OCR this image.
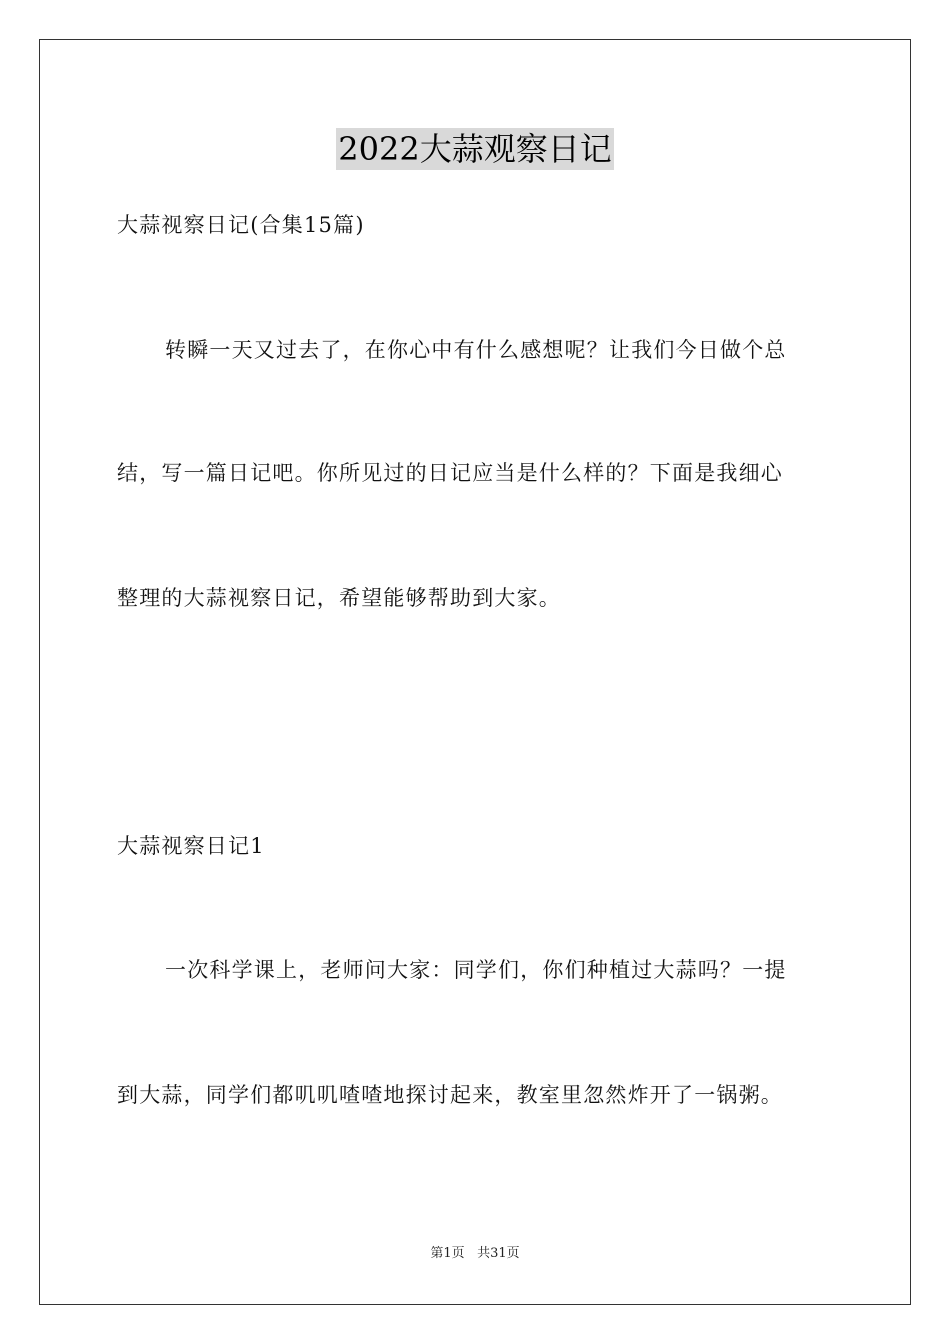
2022大蒜观察日记
大蒜视察日记(合集15篇)
转瞬一天又过去了，在你心中有什么感想呢？让我们今日做个总
结，写一篇日记吧。你所见过的日记应当是什么样的？下面是我细心
整理的大蒜视察日记，希望能够帮助到大家。
大蒜视察日记1
一次科学课上，老师问大家：同学们，你们种植过大蒜吗？一提
到大蒜，同学们都叽叽喳喳地探讨起来，教室里忽然炸开了一锅粥。
第1页 共31页
